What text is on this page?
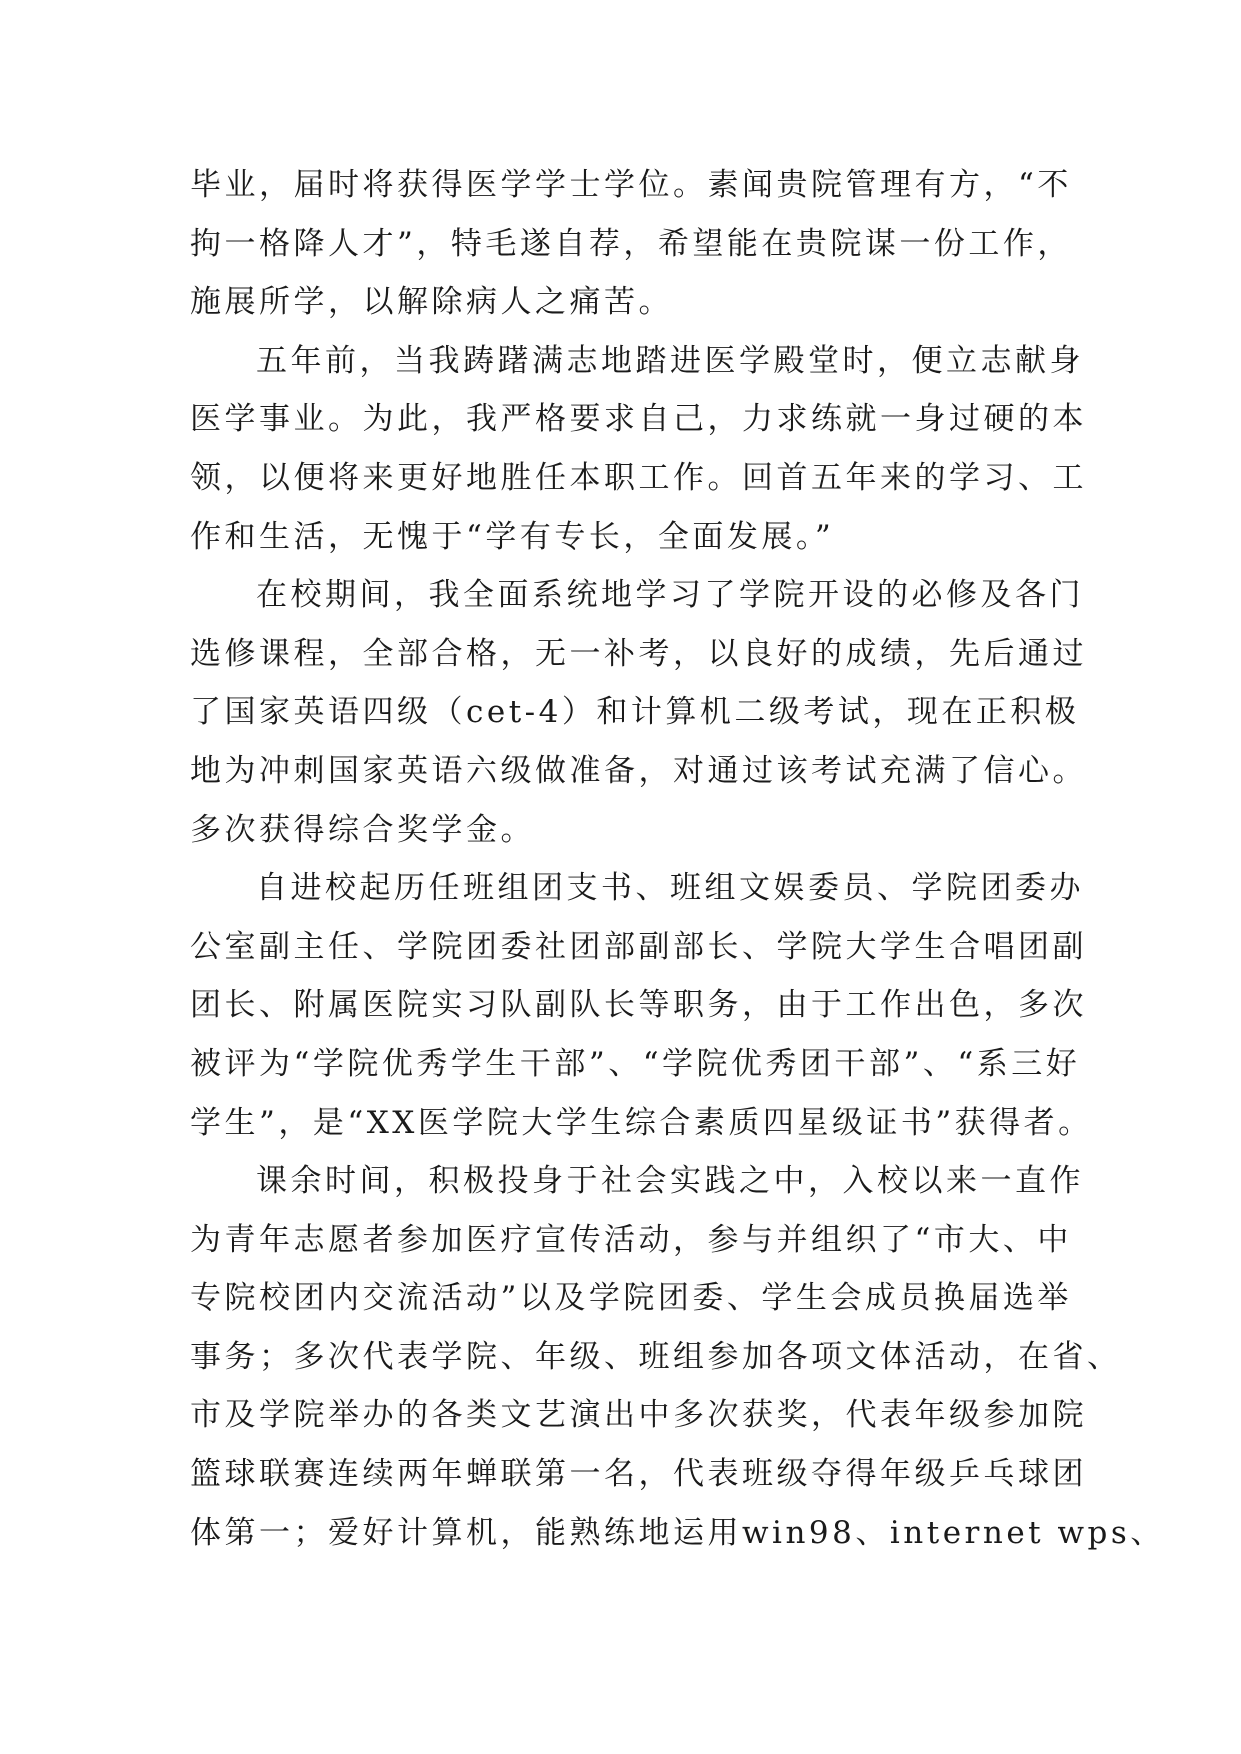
毕业，届时将获得医学学士学位。素闻贵院管理有方，“不
拘一格降人才”，特毛遂自荐，希望能在贵院谋一份工作，
施展所学，以解除病人之痛苦。
五年前，当我踌躇满志地踏进医学殿堂时，便立志献身
医学事业。为此，我严格要求自己，力求练就一身过硬的本
领，以便将来更好地胜任本职工作。回首五年来的学习、工
作和生活，无愧于“学有专长，全面发展。”
在校期间，我全面系统地学习了学院开设的必修及各门
选修课程，全部合格，无一补考，以良好的成绩，先后通过
了国家英语四级（cet-4）和计算机二级考试，现在正积极
地为冲刺国家英语六级做准备，对通过该考试充满了信心。
多次获得综合奖学金。
自进校起历任班组团支书、班组文娱委员、学院团委办
公室副主任、学院团委社团部副部长、学院大学生合唱团副
团长、附属医院实习队副队长等职务，由于工作出色，多次
被评为“学院优秀学生干部”、“学院优秀团干部”、“系三好
学生”，是“XX医学院大学生综合素质四星级证书”获得者。
课余时间，积极投身于社会实践之中，入校以来一直作
为青年志愿者参加医疗宣传活动，参与并组织了“市大、中
专院校团内交流活动”以及学院团委、学生会成员换届选举
事务；多次代表学院、年级、班组参加各项文体活动，在省、
市及学院举办的各类文艺演出中多次获奖，代表年级参加院
篮球联赛连续两年蝉联第一名，代表班级夺得年级乒乓球团
体第一；爱好计算机，能熟练地运用win98、internet wps、
